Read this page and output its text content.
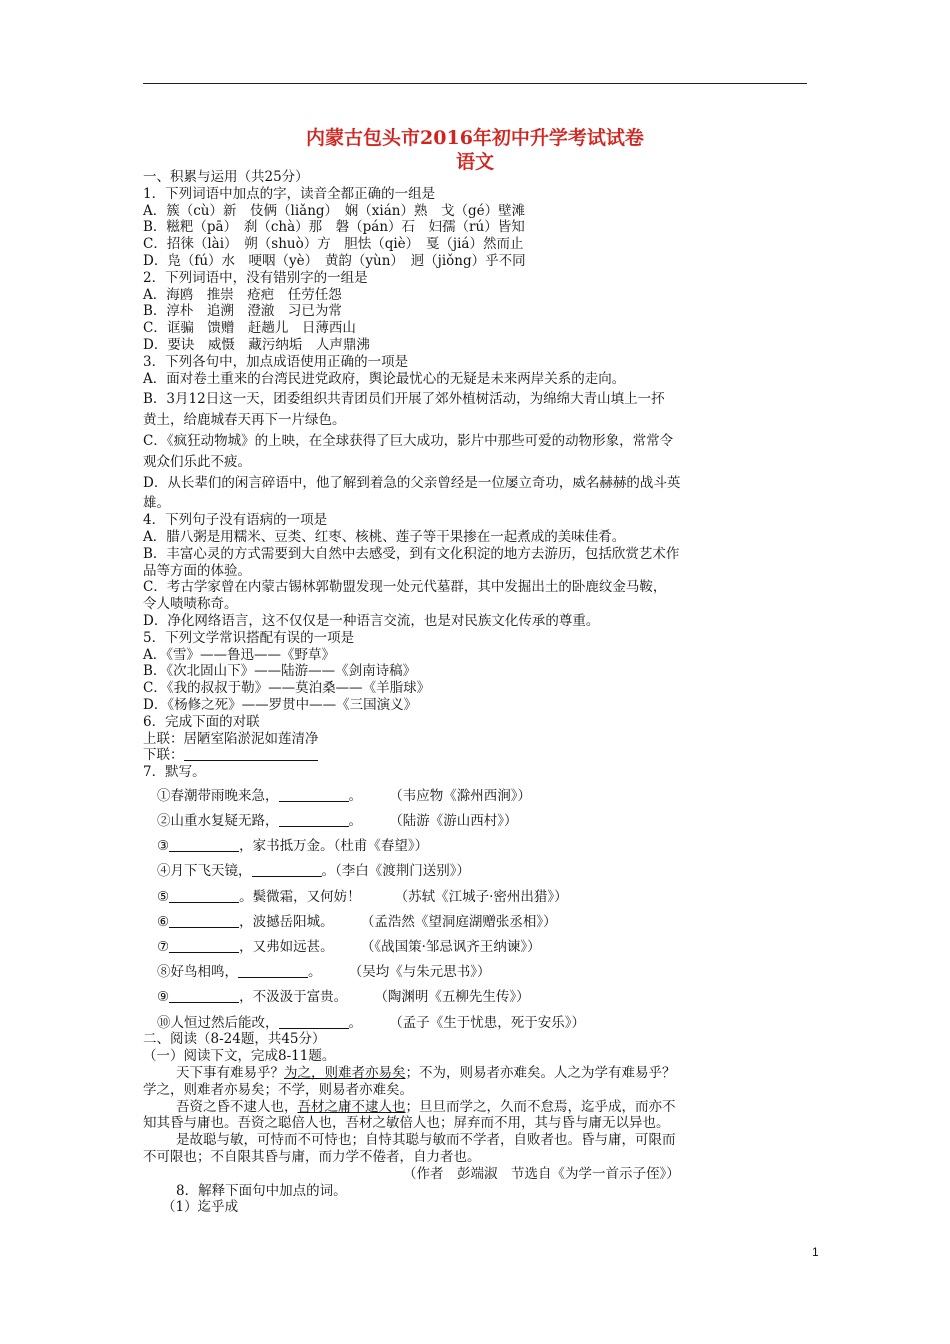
内蒙古包头市2016年初中升学考试试卷
语文
一、积累与运用（共25分）
1．下列词语中加点的字，读音全都正确的一组是
A．簇（cù）新　伎俩（liǎng）　娴（xián）熟　戈（gé）壁滩
B．糍粑（pā）　刹（chà）那　磐（pán）石　妇孺（rú）皆知
C．招徕（lài）　朔（shuò）方　胆怯（qiè）　戛（jiá）然而止
D．凫（fú）水　哽咽（yè）　黄韵（yùn）　迥（jiǒng）乎不同
2．下列词语中，没有错别字的一组是
A．海鸥　推崇　疮疤　任劳任怨
B．淳朴　追溯　澄澈　习已为常
C．诓骗　馈赠　赶趟儿　日薄西山
D．要诀　威慑　藏污纳垢　人声鼎沸
3．下列各句中，加点成语使用正确的一项是
A．面对卷土重来的台湾民进党政府，舆论最忧心的无疑是未来两岸关系的走向。
B．3月12日这一天，团委组织共青团员们开展了郊外植树活动，为绵绵大青山填上一抔
黄土，给鹿城春天再下一片绿色。
C．《疯狂动物城》的上映，在全球获得了巨大成功，影片中那些可爱的动物形象，常常令
观众们乐此不疲。
D．从长辈们的闲言碎语中，他了解到着急的父亲曾经是一位屡立奇功，威名赫赫的战斗英
雄。
4．下列句子没有语病的一项是
A．腊八粥是用糯米、豆类、红枣、核桃、莲子等干果掺在一起煮成的美味佳肴。
B．丰富心灵的方式需要到大自然中去感受，到有文化积淀的地方去游历，包括欣赏艺术作
品等方面的体验。
C．考古学家曾在内蒙古锡林郭勒盟发现一处元代墓群，其中发掘出土的卧鹿纹金马鞍，
令人啧啧称奇。
D．净化网络语言，这不仅仅是一种语言交流，也是对民族文化传承的尊重。
5．下列文学常识搭配有误的一项是
A．《雪》——鲁迅——《野草》
B．《次北固山下》——陆游——《剑南诗稿》
C．《我的叔叔于勒》——莫泊桑——《羊脂球》
D．《杨修之死》——罗贯中——《三国演义》
6．完成下面的对联
上联：居陋室陷淤泥如莲清净
下联：
7．默写。
①春潮带雨晚来急，	。	（韦应物《滁州西涧》）
②山重水复疑无路，	。	（陆游《游山西村》）
③	，家书抵万金。（杜甫《春望》）
④月下飞天镜，	。（李白《渡荆门送别》）
⑤	。鬓微霜，又何妨！	（苏轼《江城子·密州出猎》）
⑥	，波撼岳阳城。	（孟浩然《望洞庭湖赠张丞相》）
⑦	，又弗如远甚。	（《战国策·邹忌讽齐王纳谏》）
⑧好鸟相鸣，	。	（吴均《与朱元思书》）
⑨	，不汲汲于富贵。	（陶渊明《五柳先生传》）
⑩人恒过然后能改，	。	（孟子《生于忧患，死于安乐》）
二、阅读（8-24题，共45分）
（一）阅读下文，完成8-11题。
天下事有难易乎？为之，则难者亦易矣；不为，则易者亦难矣。人之为学有难易乎？
学之，则难者亦易矣；不学，则易者亦难矣。
吾资之昏不逮人也，吾材之庸不逮人也；旦旦而学之，久而不怠焉，迄乎成，而亦不
知其昏与庸也。吾资之聪倍人也，吾材之敏倍人也；屏弃而不用，其与昏与庸无以异也。
是故聪与敏，可恃而不可恃也；自恃其聪与敏而不学者，自败者也。昏与庸，可限而
不可限也；不自限其昏与庸，而力学不倦者，自力者也。
（作者　彭端淑　节选自《为学一首示子侄》）
8．解释下面句中加点的词。
（1）迄乎成
1
